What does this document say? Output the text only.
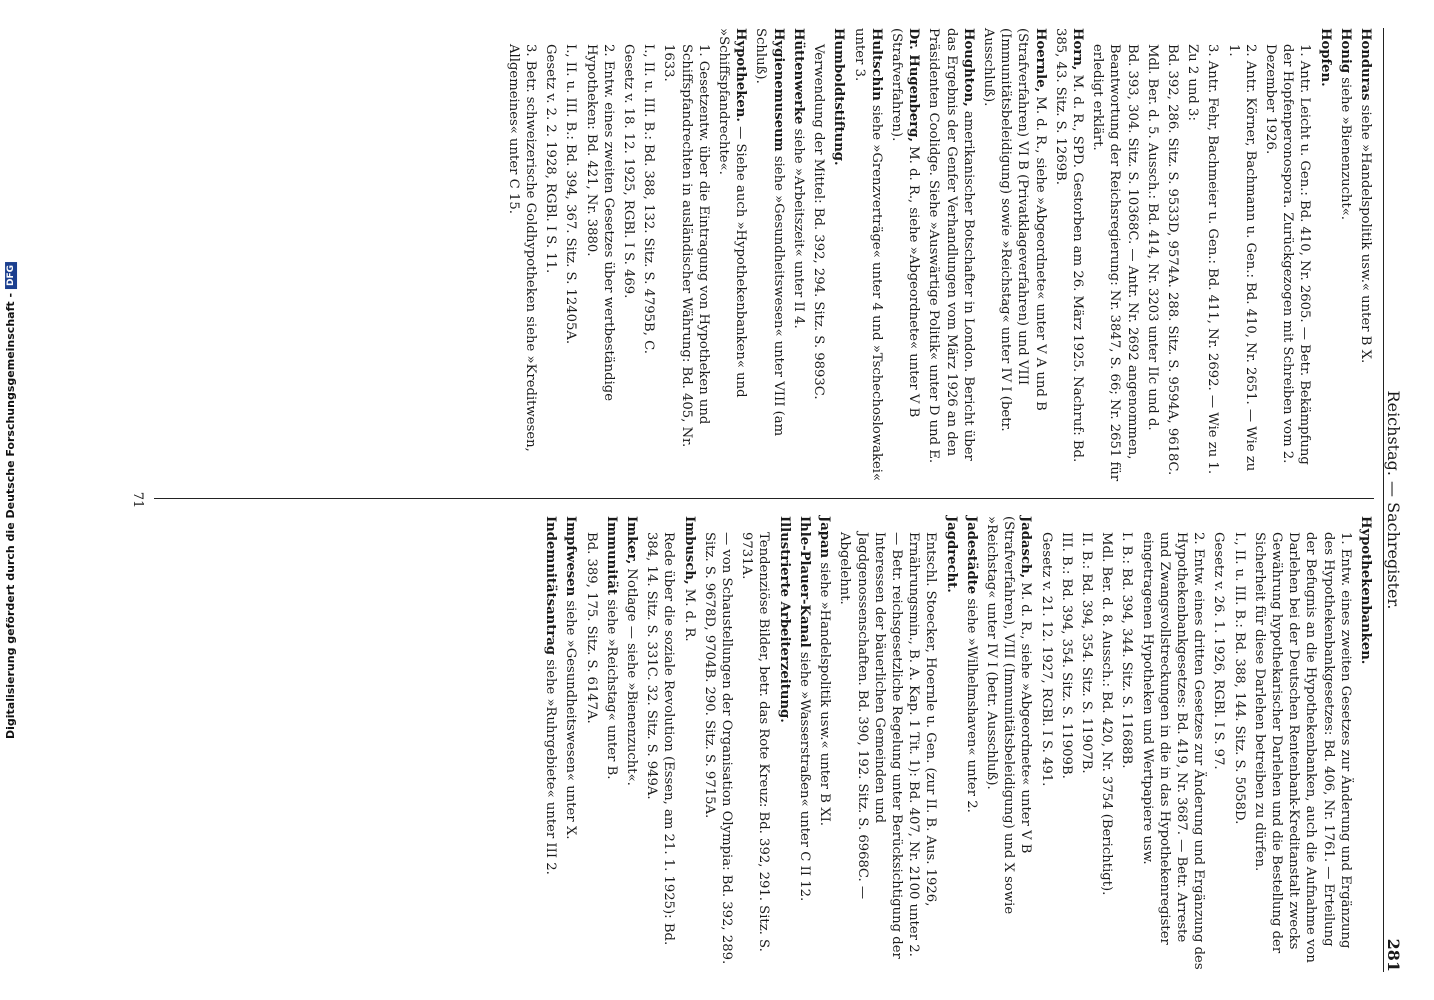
Digitalisierung gefördert durch die Deutsche Forschungsgemeinschaft -
DFG
Reichstag. — Sachregister.
281
Honduras siehe »Handelspolitik usw.« unter B X.
Honig siehe »Bienenzucht«.
Hopfen.
1. Antr. Leicht u. Gen.: Bd. 410, Nr. 2605. — Betr. Bekämpfung der Hopfenperonospora. Zurückgezogen mit Schreiben vom 2. Dezember 1926.
2. Antr. Körner, Bachmann u. Gen.: Bd. 410, Nr. 2651. — Wie zu 1.
3. Antr. Fehr, Bachmeier u. Gen.: Bd. 411, Nr. 2692. — Wie zu 1.
Zu 2 und 3:
Bd. 392, 286. Sitz. S. 9533D, 9574A. 288. Sitz. S. 9594A, 9618C.
Mdl. Ber. d. 5. Aussch.: Bd. 414, Nr. 3203 unter IIc und d.
Bd. 393, 304. Sitz. S. 10368C. — Antr. Nr. 2692 angenommen, Beantwortung der Reichsregierung: Nr. 3847, S. 66; Nr. 2651 für erledigt erklärt.
Horn, M. d. R., SPD. Gestorben am 26. März 1925. Nachruf: Bd. 385, 43. Sitz. S. 1269B.
Hoernle, M. d. R., siehe »Abgeordnete« unter V A und B (Strafverfahren) VI B (Privatklageverfahren) und VIII (Immunitätsbeleidigung) sowie »Reichstag« unter IV I (betr. Ausschluß).
Houghton, amerikanischer Botschafter in London. Bericht über das Ergebnis der Genfer Verhandlungen vom März 1926 an den Präsidenten Coolidge. Siehe »Auswärtige Politik« unter D und E.
Dr. Hugenberg, M. d. R., siehe »Abgeordnete« unter V B (Strafverfahren).
Hultschin siehe »Grenzverträge« unter 4 und »Tschechoslowakei« unter 3.
Humboldtstiftung.
Verwendung der Mittel: Bd. 392, 294. Sitz. S. 9893C.
Hüttenwerke siehe »Arbeitszeit« unter II 4.
Hygienemuseum siehe »Gesundheitswesen« unter VIII (am Schluß).
Hypotheken. — Siehe auch »Hypothekenbanken« und »Schiffspfandrechte«.
1. Gesetzentw. über die Eintragung von Hypotheken und Schiffspfandrechten in ausländischer Währung: Bd. 405, Nr. 1633.
I., II. u. III. B.: Bd. 388, 132. Sitz. S. 4795B, C.
Gesetz v. 18. 12. 1925, RGBl. I S. 469.
2. Entw. eines zweiten Gesetzes über wertbeständige Hypotheken: Bd. 421, Nr. 3880.
I., II. u. III. B.: Bd. 394, 367. Sitz. S. 12405A.
Gesetz v. 2. 2. 1928, RGBl. I S. 11.
3. Betr. schweizerische Goldhypotheken siehe »Kreditwesen, Allgemeines« unter C 15.
Hypothekenbanken.
1. Entw. eines zweiten Gesetzes zur Änderung und Ergänzung des Hypothekenbankgesetzes: Bd. 406, Nr. 1761. — Erteilung der Befugnis an die Hypothekenbanken, auch die Aufnahme von Darlehen bei der Deutschen Rentenbank-Kreditanstalt zwecks Gewährung hypothekarischer Darlehen und die Bestellung der Sicherheit für diese Darlehen betreiben zu dürfen.
I., II. u. III. B.: Bd. 388, 144. Sitz. S. 5058D.
Gesetz v. 26. 1. 1926, RGBl. I S. 97.
2. Entw. eines dritten Gesetzes zur Änderung und Ergänzung des Hypothekenbankgesetzes: Bd. 419, Nr. 3687. — Betr. Arreste und Zwangsvollstreckungen in die in das Hypothekenregister eingetragenen Hypotheken und Wertpapiere usw.
I. B.: Bd. 394, 344. Sitz. S. 11688B.
Mdl. Ber. d. 8. Aussch.: Bd. 420, Nr. 3754 (Berichtigt).
II. B.: Bd. 394, 354. Sitz. S. 11907B.
III. B.: Bd. 394, 354. Sitz. S. 11909B.
Gesetz v. 21. 12. 1927, RGBl. I S. 491.
Jadasch, M. d. R., siehe »Abgeordnete« unter V B (Strafverfahren), VIII (Immunitätsbeleidigung) und X sowie »Reichstag« unter IV I (betr. Ausschluß).
Jadestädte siehe »Wilhelmshaven« unter 2.
Jagdrecht.
Entschl. Stoecker, Hoernle u. Gen. (zur II. B. Aus. 1926, Ernährungsmin., B. A. Kap. 1 Tit. 1): Bd. 407, Nr. 2100 unter 2. — Betr. reichsgesetzliche Regelung unter Berücksichtigung der Interessen der bäuerlichen Gemeinden und Jagdgenossenschaften. Bd. 390, 192. Sitz. S. 6968C. — Abgelehnt.
Japan siehe »Handelspolitik usw.« unter B XI.
Ihle-Plauer-Kanal siehe »Wasserstraßen« unter C II 12.
Illustrierte Arbeiterzeitung.
Tendenziöse Bilder, betr. das Rote Kreuz: Bd. 392, 291. Sitz. S. 9731A.
— von Schaustellungen der Organisation Olympia: Bd. 392, 289. Sitz. S. 9678D, 9704B. 290. Sitz. S. 9715A.
Imbusch, M. d. R.
Rede über die soziale Revolution (Essen, am 21. 1. 1925): Bd. 384, 14. Sitz. S. 331C. 32. Sitz. S. 949A.
Imker, Notlage — siehe »Bienenzucht«.
Immunität siehe »Reichstag« unter B.
Bd. 389, 175. Sitz. S. 6147A.
Impfwesen siehe »Gesundheitswesen« unter X.
Indemnitätsantrag siehe »Ruhrgebiete« unter III 2.
71
